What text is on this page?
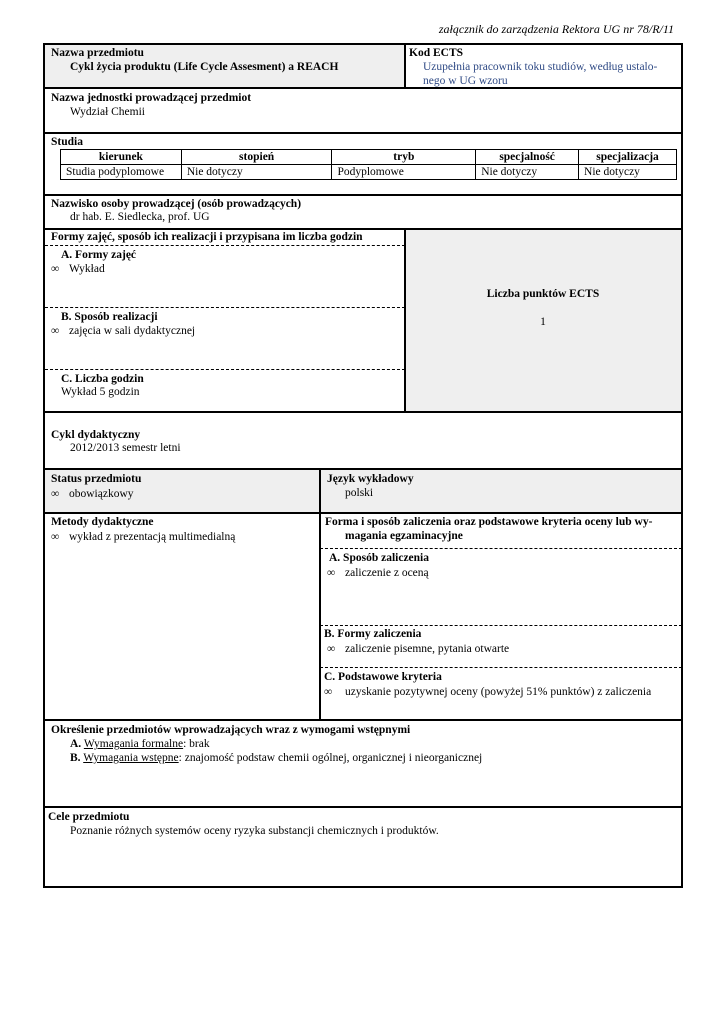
załącznik do zarządzenia Rektora UG nr 78/R/11
Nazwa przedmiotu
Cykl życia produktu (Life Cycle Assesment) a REACH
Kod ECTS
Uzupełnia pracownik toku studiów, według ustalo-
nego w UG wzoru
Nazwa jednostki prowadzącej przedmiot
Wydział Chemii
Studia
kierunek	stopień	tryb	specjalność	specjalizacja
Studia podyplomowe	Nie dotyczy	Podyplomowe	Nie dotyczy	Nie dotyczy
Nazwisko osoby prowadzącej (osób prowadzących)
dr hab. E. Siedlecka, prof. UG
Formy zajęć, sposób ich realizacji i przypisana im liczba godzin
A. Formy zajęć
∞ Wykład
B. Sposób realizacji
∞ zajęcia w sali dydaktycznej
C. Liczba godzin
Wykład 5 godzin
Liczba punktów ECTS
1
Cykl dydaktyczny
2012/2013 semestr letni
Status przedmiotu
∞ obowiązkowy
Język wykładowy
polski
Metody dydaktyczne
∞ wykład z prezentacją multimedialną
Forma i sposób zaliczenia oraz podstawowe kryteria oceny lub wy-
magania egzaminacyjne
A. Sposób zaliczenia
∞ zaliczenie z oceną
B. Formy zaliczenia
∞ zaliczenie pisemne, pytania otwarte
C. Podstawowe kryteria
∞ uzyskanie pozytywnej oceny (powyżej 51% punktów) z zaliczenia
Określenie przedmiotów wprowadzających wraz z wymogami wstępnymi
A. Wymagania formalne: brak
B. Wymagania wstępne: znajomość podstaw chemii ogólnej, organicznej i nieorganicznej
Cele przedmiotu
Poznanie różnych systemów oceny ryzyka substancji chemicznych i produktów.
